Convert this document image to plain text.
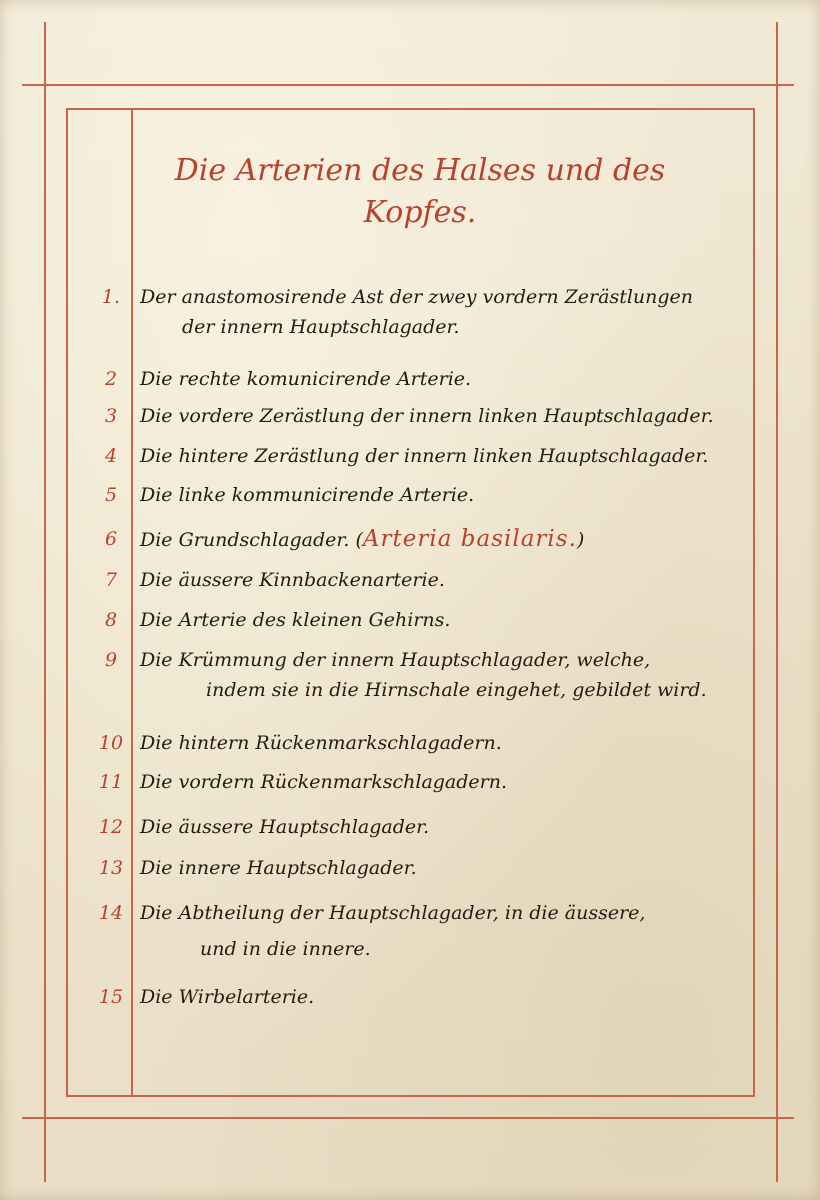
Die Arterien des Halses und des
Kopfes.
1.	Der anastomosirende Ast der zwey vordern Zerästlungen
der innern Hauptschlagader.
2	Die rechte komunicirende Arterie.
3	Die vordere Zerästlung der innern linken Hauptschlagader.
4	Die hintere Zerästlung der innern linken Hauptschlagader.
5	Die linke kommunicirende Arterie.
6	Die Grundschlagader. (Arteria basilaris.)
7	Die äussere Kinnbackenarterie.
8	Die Arterie des kleinen Gehirns.
9	Die Krümmung der innern Hauptschlagader, welche,
indem sie in die Hirnschale eingehet, gebildet wird.
10 Die hintern Rückenmarkschlagadern.
11 Die vordern Rückenmarkschlagadern.
12 Die äussere Hauptschlagader.
13 Die innere Hauptschlagader.
14 Die Abtheilung der Hauptschlagader, in die äussere,
und in die innere.
15 Die Wirbelarterie.
